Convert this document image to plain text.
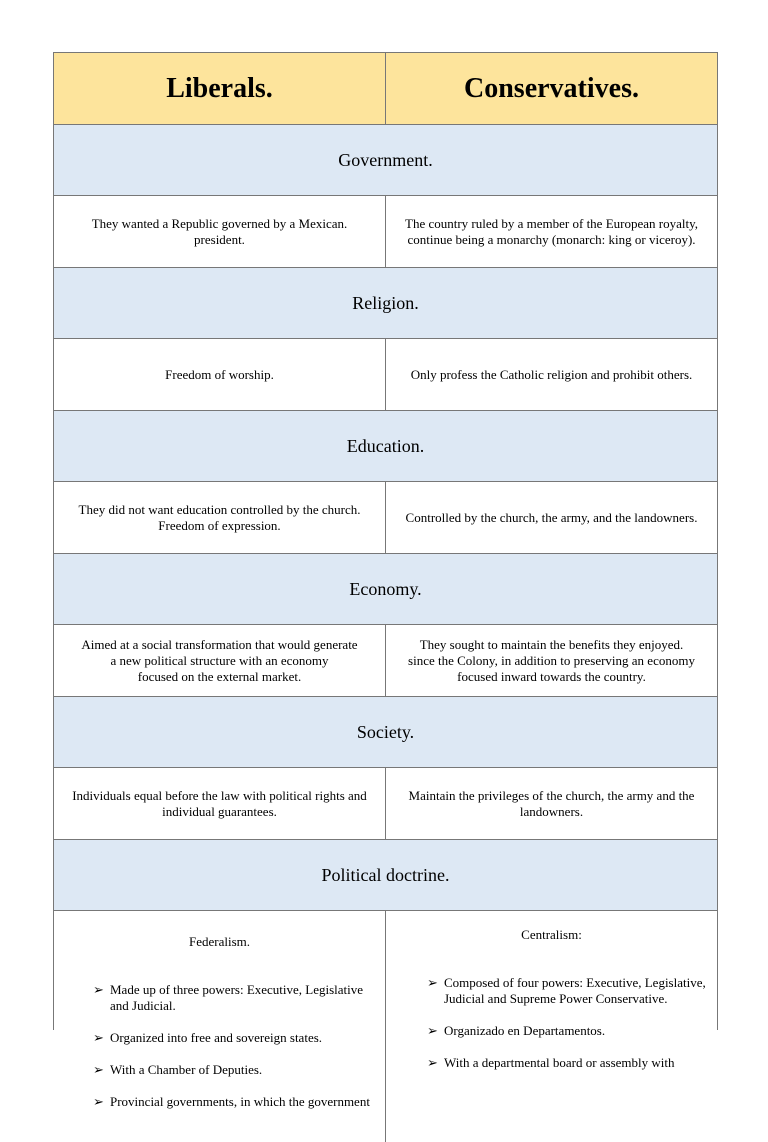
Liberals.	Conservatives.
Government.
They wanted a Republic governed by a Mexican.
president.
The country ruled by a member of the European royalty,
continue being a monarchy (monarch: king or viceroy).
Religion.
Freedom of worship.	Only profess the Catholic religion and prohibit others.
Education.
They did not want education controlled by the church.
Freedom of expression.
Controlled by the church, the army, and the landowners.
Economy.
Aimed at a social transformation that would generate
a new political structure with an economy
focused on the external market.
They sought to maintain the benefits they enjoyed.
since the Colony, in addition to preserving an economy
focused inward towards the country.
Society.
Individuals equal before the law with political rights and
individual guarantees.
Maintain the privileges of the church, the army and the
landowners.
Political doctrine.

Federalism.

➢ Made up of three powers: Executive, Legislative and Judicial.

➢ Organized into free and sovereign states.

➢ With a Chamber of Deputies.

➢ Provincial governments, in which the government

Centralism:

➢ Composed of four powers: Executive, Legislative, Judicial and Supreme Power Conservative.

➢ Organizado en Departamentos.

➢ With a departmental board or assembly with
